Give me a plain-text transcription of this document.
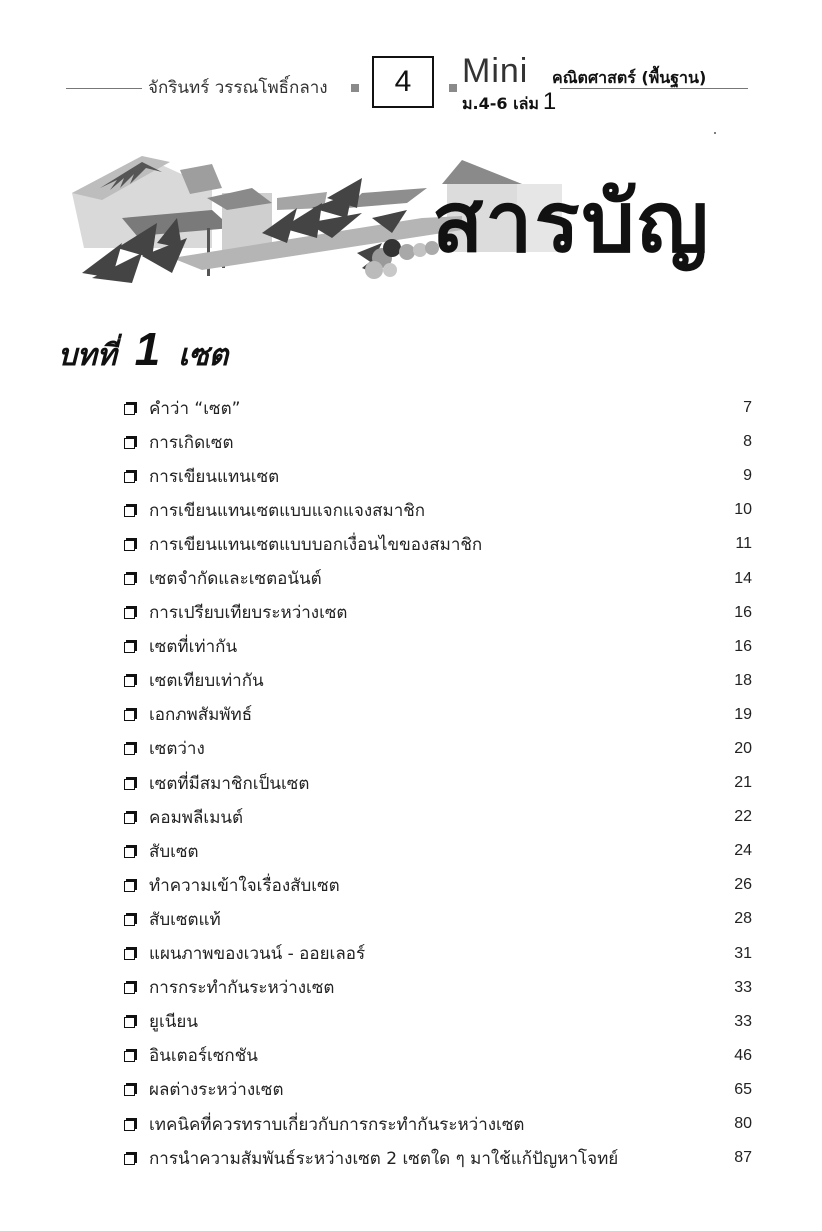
จักรินทร์ วรรณโพธิ์กลาง	4	Mini คณิตศาสตร์ (พื้นฐาน)
ม.4-6 เล่ม 1
สารบัญ
บทที่ 1 เซต
คำว่า “เซต”	7
การเกิดเซต	8
การเขียนแทนเซต	9
การเขียนแทนเซตแบบแจกแจงสมาชิก	10
การเขียนแทนเซตแบบบอกเงื่อนไขของสมาชิก	11
เซตจำกัดและเซตอนันต์	14
การเปรียบเทียบระหว่างเซต	16
เซตที่เท่ากัน	16
เซตเทียบเท่ากัน	18
เอกภพสัมพัทธ์	19
เซตว่าง	20
เซตที่มีสมาชิกเป็นเซต	21
คอมพลีเมนต์	22
สับเซต	24
ทำความเข้าใจเรื่องสับเซต	26
สับเซตแท้	28
แผนภาพของเวนน์ - ออยเลอร์	31
การกระทำกันระหว่างเซต	33
ยูเนียน	33
อินเตอร์เซกชัน	46
ผลต่างระหว่างเซต	65
เทคนิคที่ควรทราบเกี่ยวกับการกระทำกันระหว่างเซต	80
การนำความสัมพันธ์ระหว่างเซต 2 เซตใด ๆ มาใช้แก้ปัญหาโจทย์	87
